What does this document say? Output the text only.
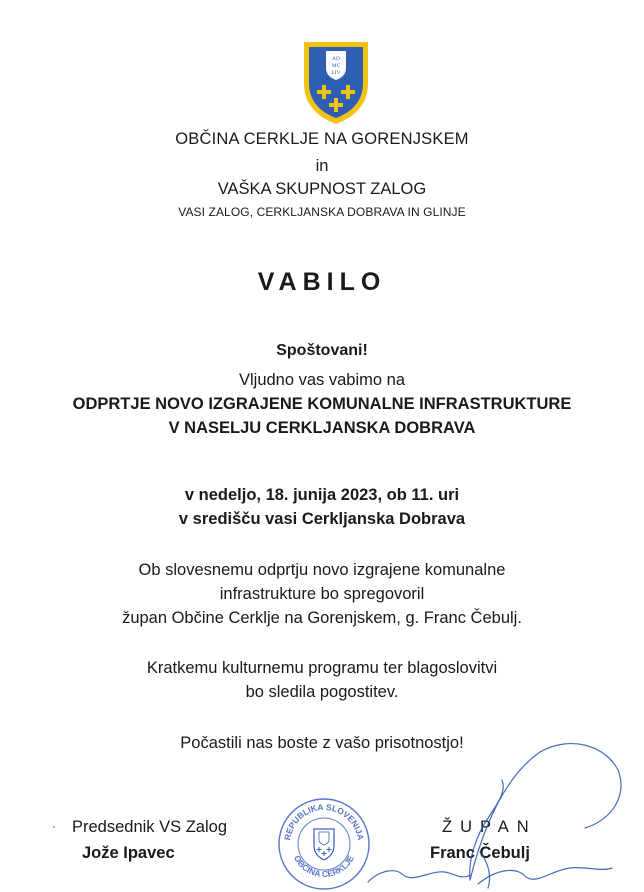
AD
MC
LIV
OBČINA CERKLJE NA GORENJSKEM
in
VAŠKA SKUPNOST ZALOG
VASI ZALOG, CERKLJANSKA DOBRAVA IN GLINJE
VABILO
Spoštovani!
Vljudno vas vabimo na
ODPRTJE NOVO IZGRAJENE KOMUNALNE INFRASTRUKTURE
V NASELJU CERKLJANSKA DOBRAVA
v nedeljo, 18. junija 2023, ob 11. uri
v središču vasi Cerkljanska Dobrava
Ob slovesnemu odprtju novo izgrajene komunalne
infrastrukture bo spregovoril
župan Občine Cerklje na Gorenjskem, g. Franc Čebulj.
Kratkemu kulturnemu programu ter blagoslovitvi
bo sledila pogostitev.
Počastili nas boste z vašo prisotnostjo!
Predsednik VS Zalog
Jože Ipavec
REPUBLIKA SLOVENIJA
OBČINA CERKLJE
ŽUPAN
Franc Čebulj
